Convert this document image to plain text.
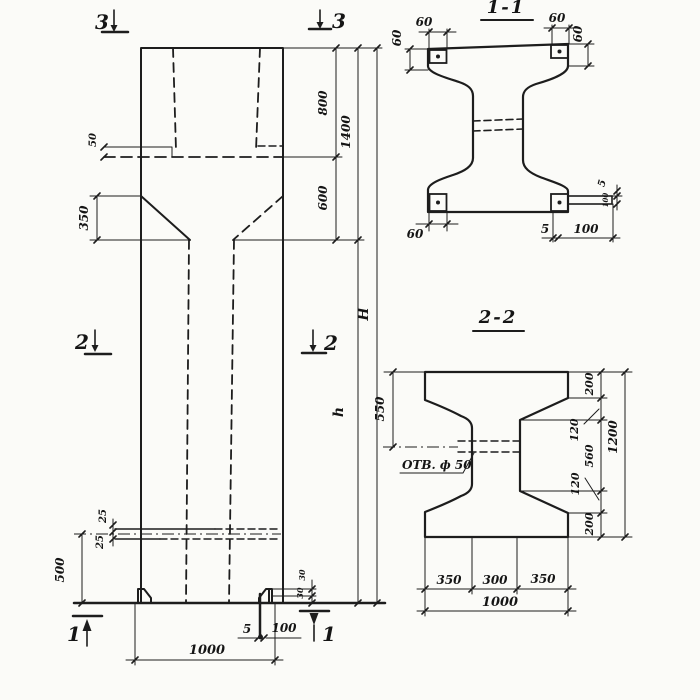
50
350
800
1400
600
H
h
25
25
500	30
30
5 100
1000
3	3
2	2
1	1
1-1
60	60
60	60
60	5 100
5
100
2-2
ОТВ. ф 50
550
200
120
560
120
200
1200
350 300 350
1000
